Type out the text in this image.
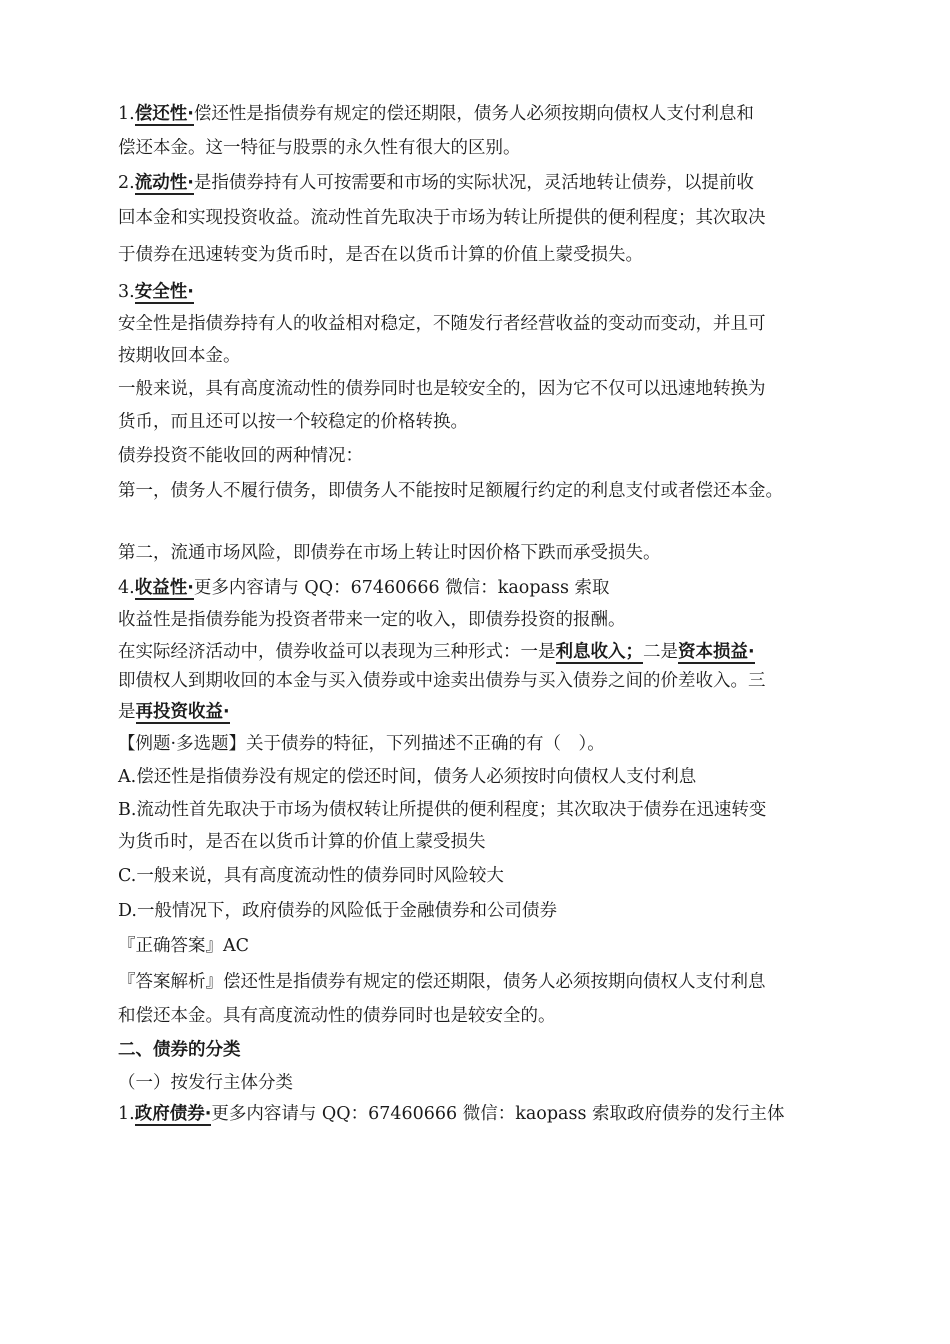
1.偿还性·偿还性是指债券有规定的偿还期限，债务人必须按期向债权人支付利息和
偿还本金。这一特征与股票的永久性有很大的区别。
2.流动性·是指债券持有人可按需要和市场的实际状况，灵活地转让债券，以提前收
回本金和实现投资收益。流动性首先取决于市场为转让所提供的便利程度；其次取决
于债券在迅速转变为货币时，是否在以货币计算的价值上蒙受损失。
3.安全性·
安全性是指债券持有人的收益相对稳定，不随发行者经营收益的变动而变动，并且可
按期收回本金。
一般来说，具有高度流动性的债券同时也是较安全的，因为它不仅可以迅速地转换为
货币，而且还可以按一个较稳定的价格转换。
债券投资不能收回的两种情况：
第一，债务人不履行债务，即债务人不能按时足额履行约定的利息支付或者偿还本金。
第二，流通市场风险，即债券在市场上转让时因价格下跌而承受损失。
4.收益性·更多内容请与 QQ：67460666 微信：kaopass 索取
收益性是指债券能为投资者带来一定的收入，即债券投资的报酬。
在实际经济活动中，债券收益可以表现为三种形式：一是利息收入；二是资本损益·
即债权人到期收回的本金与买入债券或中途卖出债券与买入债券之间的价差收入。三
是再投资收益·
【例题·多选题】关于债券的特征，下列描述不正确的有（　）。
A.偿还性是指债券没有规定的偿还时间，债务人必须按时向债权人支付利息
B.流动性首先取决于市场为债权转让所提供的便利程度；其次取决于债券在迅速转变
为货币时，是否在以货币计算的价值上蒙受损失
C.一般来说，具有高度流动性的债券同时风险较大
D.一般情况下，政府债券的风险低于金融债券和公司债券
『正确答案』AC
『答案解析』偿还性是指债券有规定的偿还期限，债务人必须按期向债权人支付利息
和偿还本金。具有高度流动性的债券同时也是较安全的。
二、债券的分类
（一）按发行主体分类
1.政府债券·更多内容请与 QQ：67460666 微信：kaopass 索取政府债券的发行主体
